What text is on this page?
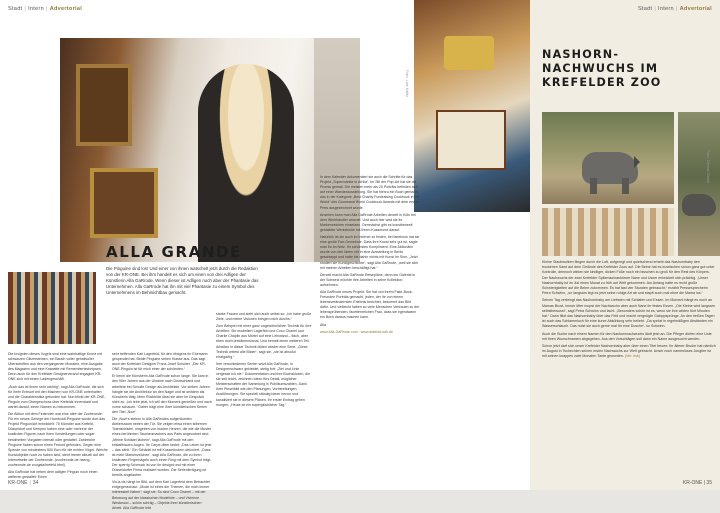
Stadt | Intern | Advertorial
Foto: Luis Kalitz
ALLA GRANDE
Die Pinguine sind los! Und einer von ihnen watschelt jetzt durch die Redaktion von der KR-ONE. Bei ihm handelt es sich um einen von drei Adligen der Künstlerin Alla GaRrode. Wenn dieser ist Adligen noch aber der Phantasie das Unternehmen. Alla GaRrode hat ihn mit viel Phantasie zu einem Symbol des Unternehmens im Behinichtbau gemacht.

Die Insignien dieses Vogels sind eine wahrhaftige Krone mit schwarzen Glitzersteinen, ein Bauch voller gehaltvoller Überschriften aus den vergangenen Monaten, eine Ausgabe des Magazins und eine Krawatte mit Remembertechnipsen. Denn auch für den Krefelder Designerverand engagiert KR-ONE sich mit einem Ladengeschäft.

„Auch das ist ihnen sehr wichtig“, sagt Alla GaRrode, die sich für ihren Entwurf mit den Machern von KR-ONE unterhalten und die Charakteristika gefunden hat. Nun blickt der KR-ONE-Pinguin vom Obergeschoss über Krefelds Innenstadt und wartet darauf, einen Namen zu bekommen.

Die Aktion mit dem Federvieh war eine Idee der Zoofreunde. Für ein neues Gehege der Humboldt-Pinguine wurde dort das Projekt Pinguin/Art entwickelt: 70 Künstler aus Krefeld, Düsseldorf und Kempen haben eine oder mehrere der knallroten Figuren nach ihren Vorstellungen oder sogar bestimmten Vorgaben bemalt oder gestaltet. Zahlreiche Pinguine haben schon einen Freund gefunden. Gegen eine Spende von mindestens 500 Euro für die echten Vögel. Welche Kunstobjekte noch zu haben sind, steht immer aktuell auf der Internetseite der Zoofreunde. (zoofreunde.de haeng-zoofreunde-de zoogala/krefeld.html).

Alla GaRrode hat neben dem adligen Pinguin noch einen weiteren gestaltet: Einen

sehr treffenden Karl Lagerfeld, für den übrigens ihr Ehemann gespendet hat. Beide Pinguine sehen Klasse aus. Das sagt auch der Krefelder Designer Franz-Josef Schulter. „Der KR-ONE-Pinguin ist für mich einer der schönsten.“

Er kennt die Künstlerin Alla GaRrode schon lange. Sie kam in den 90er Jahren aus der Ukraine nach Deutschland und arbeitete bei Schulte Design als Architektin. Vor sieben Jahren hängte sie die Architektur an den Nagel und ist seitdem als Künstlerin tätig. Mein Rückblick lässt sie aber im Gespräch nicht zu: „Ich lebe jetzt, ich will den Moment genießen und nach vorne schauen.“ Daher trägt eine Ihrer künstlerischen Serien den Titel „Now“.

Die „Now“s stehen in Alla GaRrodes aufgeräumten Ateliersraum neben der Tür. Sie zeigen etwa einen silbernen Totenschädel, umgeben von bunten Herzen, die wie die Muster eines berühmten Taschenmachers aus Paris angeordnet sind. „Meine Schädel lächeln“, sagt Alla GaRrode mit den kristallblauen Augen. Ihr Carpe-diem lautet: „Das Leben ist jetzt – das zählt.“ Ein Schädel ist mit Kussmündern dekoriert. „Dass ist mein Markenzeichen“, sagt Alla GaRrode, die zu ihren knallroten Fingernägeln auch einen Ring mit dem Symbol trägt. Der sperrig Schmuck ist von ihr designt und mit einer Düsseldorfer Firma realisiert worden. Die Serienfertigung ist bereits angelaufen.

Vis-à-vis hängt im Bild, auf dem Karl Lagerfeld dem Betrachter entgegenschaut. „Mode ist eines der Themen, die mich immer interessiert haben“, sagt sie. So sind Coco Chanel – mit der Betonung auf der klassischen Modelinie – und Vivienne Westwood – schön schräg – Objekte ihrer künstlerischen Arbeit. Alla GaRrode lebt

starke Frauen und sieht sich auch selbst so: „Ich habe große Ziele, und meine Visionen bringen mich durchs.“

Zum Beispiel mit einer ganz ungewöhnlichen Technik für ihre Arbeiten: Sie modelliert Lagerfeld und Coco Chanel und Charlie Chaplin aus Mörtel auf eine Leinwand – flach, aber eben doch dreidimensional. Und bemalt einen weiteren Teil. Arbeiten in dieser Technik bilden wieder eine Serie. „Diese Technik weiest alle Bilder“, sagt sie, „sie ist absolut einzigartig.“

Ihre verschiedenen Serien setzt Alla GaRrode, in Designerschwarz gekleidet, stetig fort: „Ziel und Linie vergesse ich nie.“ Dokumentation und ihre Buchskizzen, die sie seit leicht, zeichnen Ideen fürs Detail, möglicher Meisterschaften der Sammlung in Publikumszahlen. Dank ihrer Pinselbild wie den Planungen, Vorbereitungen, Ausführungen. Sie speziell ständig Ideen hervor und kanalisiert sie in diesem Plänen. Ihr erster Eintrag gehen morgen: „Heute ist ein superglücklicher Tag.“

In dem Kalender dokumentiert sie auch die Schritte für das Projekt „Supermärkte in Afrika“. Im Stil der Pop-Art hat sie die Promis gemalt. Die meisten mehr als 20 Porträts befinden sich auf einer Wanderausstellung. Sie hat hierzu ein Buch gemacht, das in der Kategorie „Best Charity Fundraising Cookbook in the World“ des Gourmand World Cookbook Awards mit dem ersten Preis ausgezeichnet wurde.

Ansehen kann man Alla GaRrode Arbeiten derzeit in Köln bei dem Werkhändler amcnet. Und auch hier wird sie ihr Markenzeichen einsetzen. Demnächst gibt es kunstbeseelt gestaltete Werkstücke mit ihrem Kussmund darauf.

Natürlich ist sie auch im Internet zu finden, bei facebook hat sie eine große Fan-Gemeinde. Dass ihre Kunst sehr gut ist, sagte man ihr im Netz. Ihr schönstes Kompliment: Eine Aktionärin wurde von den Ideen mit in eine Ausstellung in Berlin geschleppt und hatte bis dahin nichts mit Kunst im Sinn. „Jetzt studiert sie Kunstgeschichte“, sagt Alla GaRrode, „weil sie sich mit meinen Arbeiten beschäftigt hat.“

Derzeit macht Alla GaRrode Reisepläne, denn ein Galerist in der Schweiz möchte ihre Arbeiten in seine Kollektion aufnehmen.

Alla GaRrode neues Projekt: Sie hat von ihrem Fake-Book-Freunden Porträts gemacht, jeden, der ihr von einem lebensverändernden Erlebnis berichtet, bekommt das Bild dafür. Und vielleicht haben so viele Menschen Vertrauen zu der lebensprühenden, facettenreichen Frau, dass sie irgendwann ein Buch daraus machen kann.

Alla

www.Alla-GaRrode.com · www.ardenkt-kdh.de

KR-ONE | 34
Stadt | Intern | Advertorial
NASHORN-NACHWUCHS IM KREFELDER ZOO
Foto: Dennis Zinner

Kleine Staubwolken fliegen durch die Luft, aufgeregt und quietschend erhebt das Nashornbaby den trockenen Sand auf dem Gelände des Krefelder Zoos auf. Die Beine hat es inzwischen schon ganz gut unter Kontrolle, dennoch wirken sie kindliger, dicken Füße noch ein bisschen zu groß für den Rest des Körpers. Der Nachwuchs der zwei Krefelder Spitzmaulnashörner Nane und Usom entwickelt sich prächtig. „Unser Nashornbaby ist im Juli einen Monat zu früh auf Welt gekommen. Am Anfang hatte es recht große Schwierigkeiten auf die Beine zukommen. Es hat fast vier Stunden gebraucht,“ erzählt Pressesprecherin Petra Schwinn, „so langsam legt es jetzt seine ruhige Art ab und stapft auch mal ohne die Mama los.“

Seinen Tag verbringt das Nashornbaby am Liebsten mit Schlafen und Essen. Im Moment hängt es noch an Mamas Brust, immer öfter mopst der Nachwuchs aber auch Nane ihr festes Essen. „Die Kleine wird langsam selbstbewusst“, sagt Petra Schwinn und lacht. „Besonders schön ist es, wenn sie ihre wilden fünf Minuten hat.“ Dann flitzt das Nashornbaby über das Feld und macht vergnügte Galoppsprünge. An den heißen Tagen ist auch das Schlammloch für eine kurze Abkühlung sehr beliebt. „Da spritzt in regelmäßigen Abständen ein Wasserschlauch. Das nutzt sie auch gerne mal für eine Dusche“, so Schwinn.

Auch die Suche nach einem Namen für den Nashornnachwuchs läuft jetzt an. Die Pfleger dürfen eine Liste mit ihren Wunschnamen abgegeben. Aus den Vorschlägen soll dann ein Name ausgesucht werden.

Schon jetzt darf sich unser Krefelder Nashornbaby aber über einen Titel freuen: Ihr älterer Bruder hat nämlich im August in Tschechien seinen ersten Nachwuchs zur Welt gebracht. Unser noch namenloses Jungtier ist mit seinen knappen zwei Monaten Tante geworden. (Ver. risk)

KR-ONE | 35
